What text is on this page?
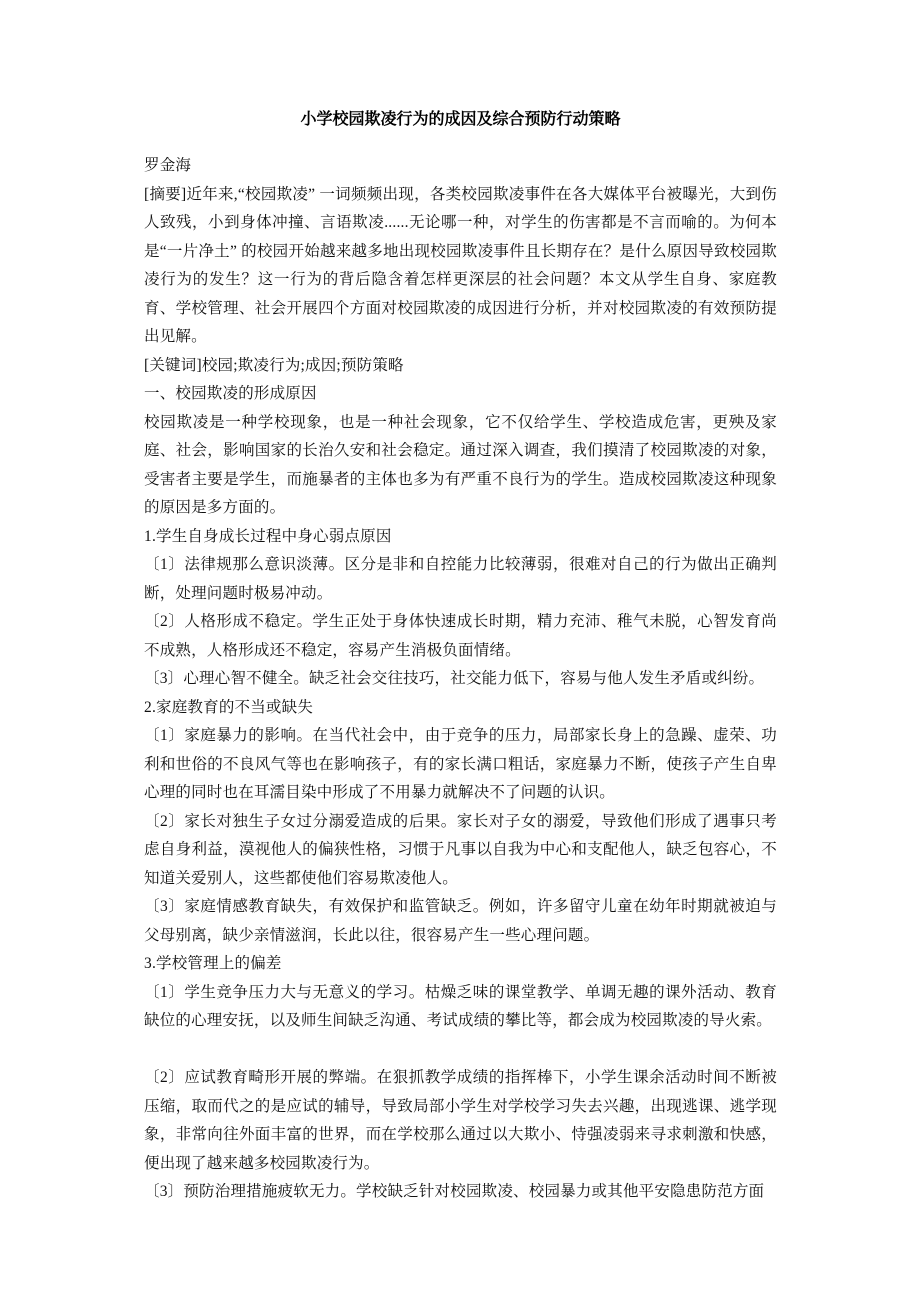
小学校园欺凌行为的成因及综合预防行动策略

罗金海

[摘要]近年来,“校园欺凌” 一词频频出现，各类校园欺凌事件在各大媒体平台被曝光，大到伤人致残，小到身体冲撞、言语欺凌......无论哪一种，对学生的伤害都是不言而喻的。为何本是“一片净土” 的校园开始越来越多地出现校园欺凌事件且长期存在？是什么原因导致校园欺凌行为的发生？这一行为的背后隐含着怎样更深层的社会问题？本文从学生自身、家庭教育、学校管理、社会开展四个方面对校园欺凌的成因进行分析，并对校园欺凌的有效预防提出见解。

[关键词]校园;欺凌行为;成因;预防策略

一、校园欺凌的形成原因

校园欺凌是一种学校现象，也是一种社会现象，它不仅给学生、学校造成危害，更殃及家庭、社会，影响国家的长治久安和社会稳定。通过深入调查，我们摸清了校园欺凌的对象，受害者主要是学生，而施暴者的主体也多为有严重不良行为的学生。造成校园欺凌这种现象的原因是多方面的。

1.学生自身成长过程中身心弱点原因

〔1〕法律规那么意识淡薄。区分是非和自控能力比较薄弱，很难对自己的行为做出正确判断，处理问题时极易冲动。

〔2〕人格形成不稳定。学生正处于身体快速成长时期，精力充沛、稚气未脱，心智发育尚不成熟，人格形成还不稳定，容易产生消极负面情绪。

〔3〕心理心智不健全。缺乏社会交往技巧，社交能力低下，容易与他人发生矛盾或纠纷。

2.家庭教育的不当或缺失

〔1〕家庭暴力的影响。在当代社会中，由于竞争的压力，局部家长身上的急躁、虚荣、功利和世俗的不良风气等也在影响孩子，有的家长满口粗话，家庭暴力不断，使孩子产生自卑心理的同时也在耳濡目染中形成了不用暴力就解决不了问题的认识。

〔2〕家长对独生子女过分溺爱造成的后果。家长对子女的溺爱，导致他们形成了遇事只考虑自身利益，漠视他人的偏狭性格，习惯于凡事以自我为中心和支配他人，缺乏包容心，不知道关爱别人，这些都使他们容易欺凌他人。

〔3〕家庭情感教育缺失，有效保护和监管缺乏。例如，许多留守儿童在幼年时期就被迫与父母别离，缺少亲情滋润，长此以往，很容易产生一些心理问题。

3.学校管理上的偏差

〔1〕学生竞争压力大与无意义的学习。枯燥乏味的课堂教学、单调无趣的课外活动、教育缺位的心理安抚，以及师生间缺乏沟通、考试成绩的攀比等，都会成为校园欺凌的导火索。

〔2〕应试教育畸形开展的弊端。在狠抓教学成绩的指挥棒下，小学生课余活动时间不断被压缩，取而代之的是应试的辅导，导致局部小学生对学校学习失去兴趣，出现逃课、逃学现象，非常向往外面丰富的世界，而在学校那么通过以大欺小、恃强凌弱来寻求刺激和快感，便出现了越来越多校园欺凌行为。

〔3〕预防治理措施疲软无力。学校缺乏针对校园欺凌、校园暴力或其他平安隐患防范方面
